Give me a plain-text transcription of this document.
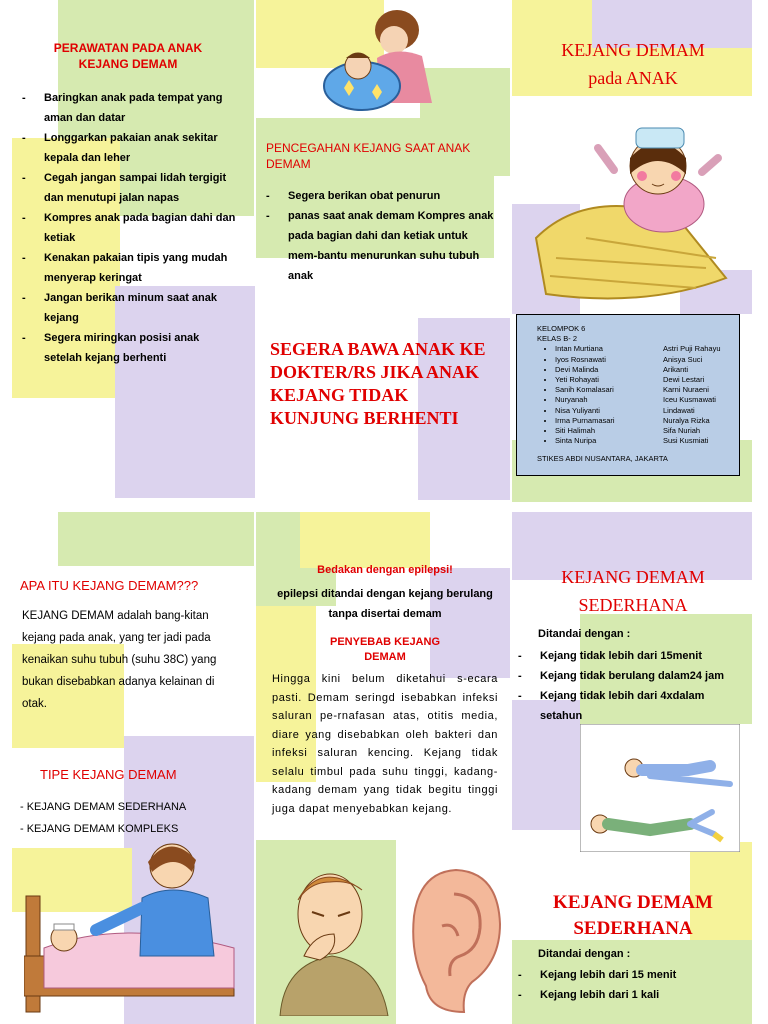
PERAWATAN PADA ANAK
KEJANG DEMAM
- Baringkan anak pada tempat yang aman dan datar
- Longgarkan pakaian anak sekitar kepala dan leher
- Cegah jangan sampai lidah tergigit dan menutupi jalan napas
- Kompres anak pada bagian dahi dan ketiak
- Kenakan pakaian tipis yang mudah menyerap keringat
- Jangan berikan minum saat anak kejang
- Segera miringkan posisi anak setelah kejang berhenti
PENCEGAHAN KEJANG SAAT ANAK DEMAM
- Segera berikan obat penurun
- panas saat anak demam Kompres anak pada bagian dahi dan ketiak untuk mem-bantu menurunkan suhu tubuh anak
SEGERA BAWA ANAK KE DOKTER/RS JIKA ANAK KEJANG TIDAK KUNJUNG BERHENTI
KEJANG DEMAM
pada ANAK
KELOMPOK 6
KELAS B- 2
• Intan Murtiana
• Iyos Rosnawati
• Devi Malinda
• Yeti Rohayati
• Sanih Komalasari
• Nuryanah
• Nisa Yuliyanti
• Irma Purnamasari
• Siti Halimah
• Sinta Nuripa
Astri Puji Rahayu
Anisya Suci
Arikanti
Dewi Lestari
Karni Nuraeni
Iceu Kusmawati
Lindawati
Nuralya Rizka
Sifa Nuriah
Susi Kusmiati
STIKES ABDI NUSANTARA, JAKARTA
APA ITU KEJANG DEMAM???
KEJANG DEMAM adalah bang-kitan kejang pada anak, yang ter jadi pada kenaikan suhu tubuh (suhu 38C) yang bukan disebabkan adanya kelainan di otak.
TIPE KEJANG DEMAM
- KEJANG DEMAM SEDERHANA
- KEJANG DEMAM KOMPLEKS
Bedakan dengan epilepsi!
epilepsi ditandai dengan kejang berulang tanpa disertai demam
PENYEBAB KEJANG
DEMAM
Hingga kini belum diketahui s-ecara pasti. Demam seringd isebabkan infeksi saluran pe-rnafasan atas, otitis media, diare yang disebabkan oleh bakteri dan infeksi saluran kencing. Kejang tidak selalu timbul pada suhu tinggi, kadang- kadang demam yang tidak begitu tinggi juga dapat menyebabkan kejang.
KEJANG DEMAM
SEDERHANA
Ditandai dengan :
- Kejang tidak lebih dari 15menit
- Kejang tidak berulang dalam24 jam
- Kejang tidak lebih dari 4xdalam setahun
KEJANG DEMAM
SEDERHANA
Ditandai dengan :
- Kejang lebih dari 15 menit
- Kejang lebih dari 1 kali
